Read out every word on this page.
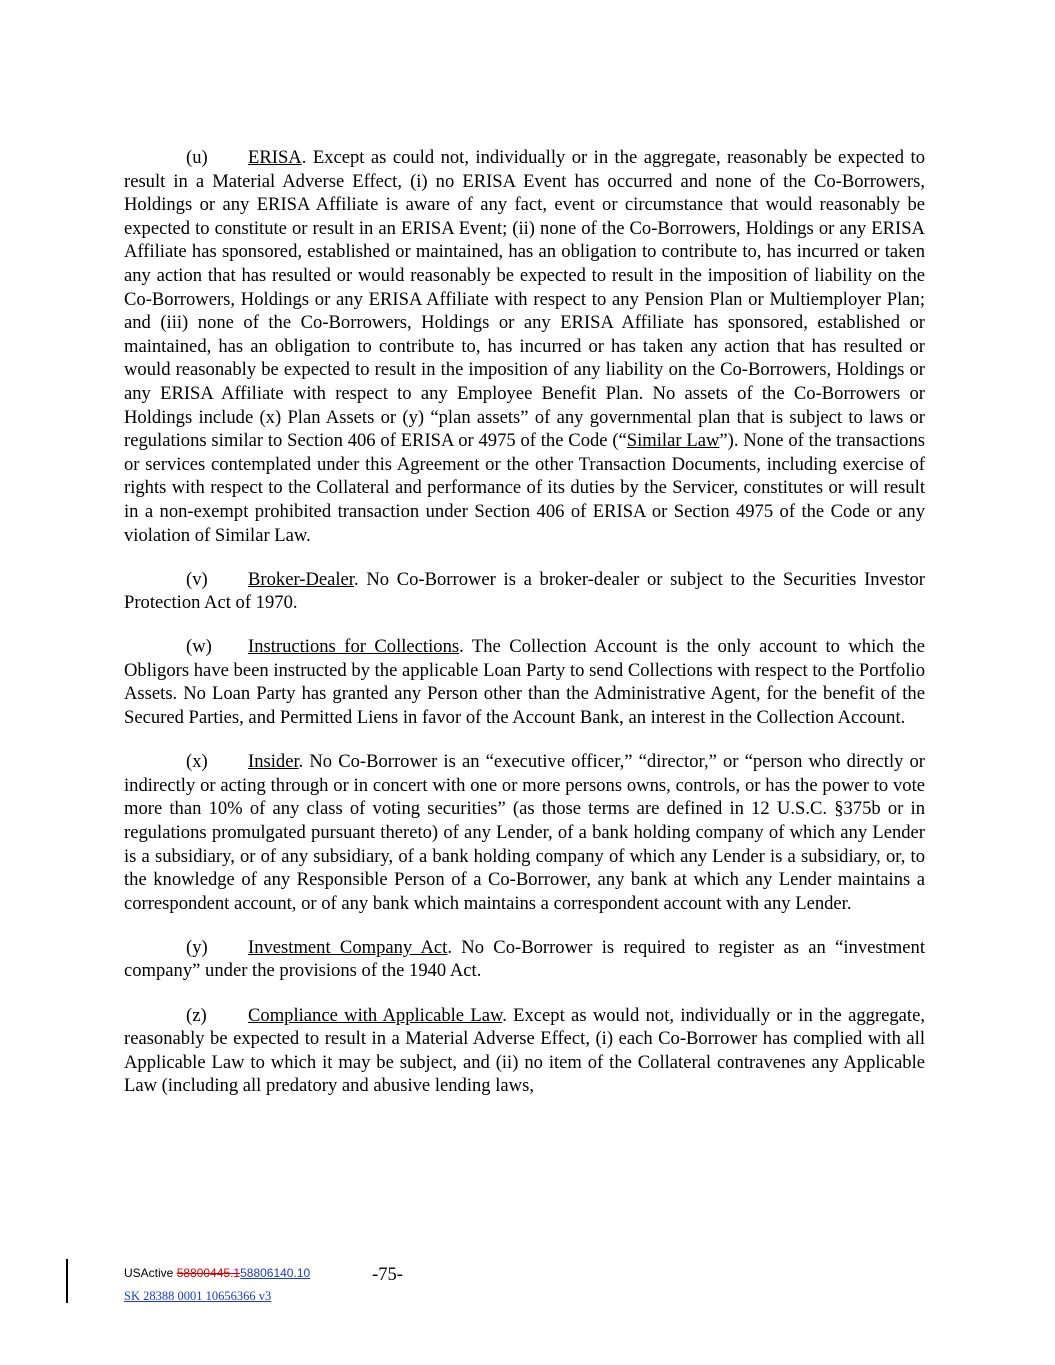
(u) ERISA. Except as could not, individually or in the aggregate, reasonably be expected to result in a Material Adverse Effect, (i) no ERISA Event has occurred and none of the Co-Borrowers, Holdings or any ERISA Affiliate is aware of any fact, event or circumstance that would reasonably be expected to constitute or result in an ERISA Event; (ii) none of the Co-Borrowers, Holdings or any ERISA Affiliate has sponsored, established or maintained, has an obligation to contribute to, has incurred or taken any action that has resulted or would reasonably be expected to result in the imposition of liability on the Co-Borrowers, Holdings or any ERISA Affiliate with respect to any Pension Plan or Multiemployer Plan; and (iii) none of the Co-Borrowers, Holdings or any ERISA Affiliate has sponsored, established or maintained, has an obligation to contribute to, has incurred or has taken any action that has resulted or would reasonably be expected to result in the imposition of any liability on the Co-Borrowers, Holdings or any ERISA Affiliate with respect to any Employee Benefit Plan. No assets of the Co-Borrowers or Holdings include (x) Plan Assets or (y) “plan assets” of any governmental plan that is subject to laws or regulations similar to Section 406 of ERISA or 4975 of the Code (“Similar Law”). None of the transactions or services contemplated under this Agreement or the other Transaction Documents, including exercise of rights with respect to the Collateral and performance of its duties by the Servicer, constitutes or will result in a non-exempt prohibited transaction under Section 406 of ERISA or Section 4975 of the Code or any violation of Similar Law.

(v) Broker-Dealer. No Co-Borrower is a broker-dealer or subject to the Securities Investor Protection Act of 1970.

(w) Instructions for Collections. The Collection Account is the only account to which the Obligors have been instructed by the applicable Loan Party to send Collections with respect to the Portfolio Assets. No Loan Party has granted any Person other than the Administrative Agent, for the benefit of the Secured Parties, and Permitted Liens in favor of the Account Bank, an interest in the Collection Account.

(x) Insider. No Co-Borrower is an “executive officer,” “director,” or “person who directly or indirectly or acting through or in concert with one or more persons owns, controls, or has the power to vote more than 10% of any class of voting securities” (as those terms are defined in 12 U.S.C. §375b or in regulations promulgated pursuant thereto) of any Lender, of a bank holding company of which any Lender is a subsidiary, or of any subsidiary, of a bank holding company of which any Lender is a subsidiary, or, to the knowledge of any Responsible Person of a Co-Borrower, any bank at which any Lender maintains a correspondent account, or of any bank which maintains a correspondent account with any Lender.

(y) Investment Company Act. No Co-Borrower is required to register as an “investment company” under the provisions of the 1940 Act.

(z) Compliance with Applicable Law. Except as would not, individually or in the aggregate, reasonably be expected to result in a Material Adverse Effect, (i) each Co-Borrower has complied with all Applicable Law to which it may be subject, and (ii) no item of the Collateral contravenes any Applicable Law (including all predatory and abusive lending laws,

USActive 58800445.158806140.10	-75-
SK 28388 0001 10656366 v3
